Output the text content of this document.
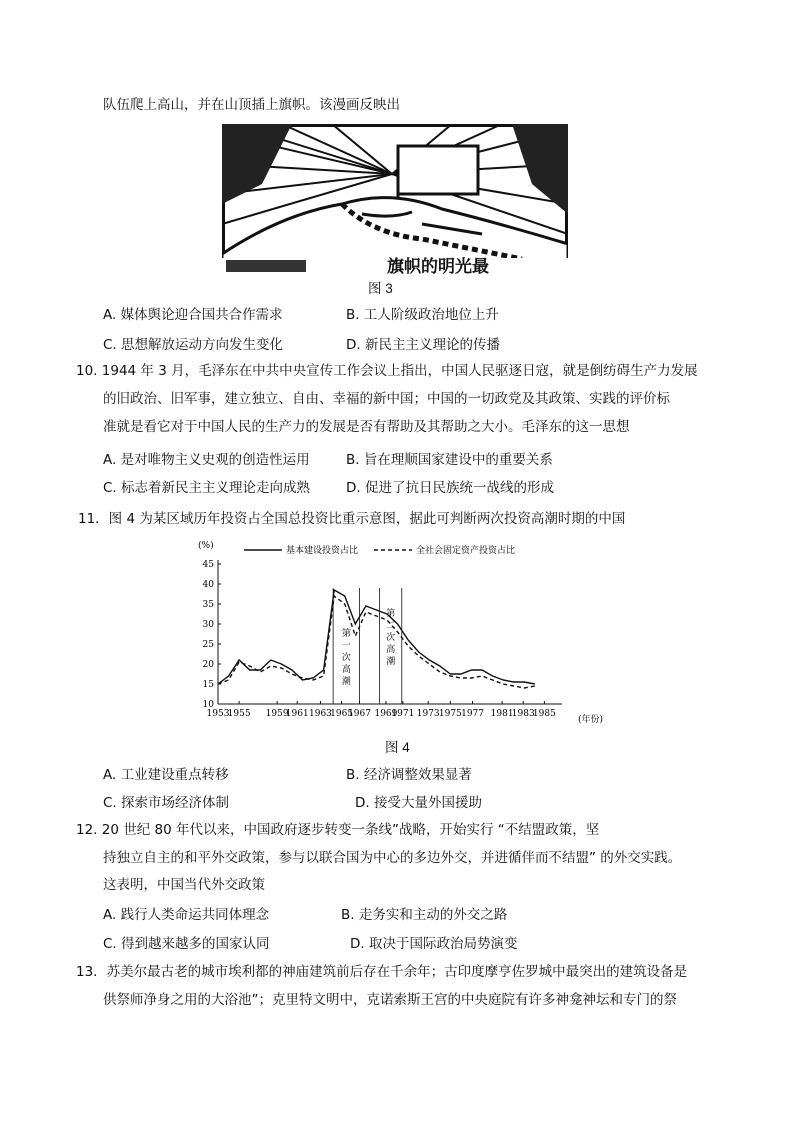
队伍爬上高山，并在山顶插上旗帜。该漫画反映出
旗帜的明光最
图 3
A. 媒体舆论迎合国共合作需求	B. 工人阶级政治地位上升
C. 思想解放运动方向发生变化	D. 新民主主义理论的传播
10. 1944 年 3 月，毛泽东在中共中央宣传工作会议上指出，中国人民驱逐日寇，就是倒纺碍生产力发展
的旧政治、旧军事，建立独立、自由、幸福的新中国；中国的一切政党及其政策、实践的评价标
准就是看它对于中国人民的生产力的发展是否有帮助及其帮助之大小。毛泽东的这一思想
A. 是对唯物主义史观的创造性运用	B. 旨在理顺国家建设中的重要关系
C. 标志着新民主主义理论走向成熟	D. 促进了抗日民族统一战线的形成
11．图 4 为某区域历年投资占全国总投资比重示意图，据此可判断两次投资高潮时期的中国
(%)	基本建设投资占比	全社会固定资产投资占比
10
15
20
25
30
35
40
45
1953
1955 1959
1961 1963
1965
1967 1969
1971 1973 1975 1977 1981
1983
1985
第
一
次
高
潮
第
二
次
高
潮
(年份)
图 4
A. 工业建设重点转移	B. 经济调整效果显著
C. 探索市场经济体制	D. 接受大量外国援助
12. 20 世纪 80 年代以来，中国政府逐步转变一条线”战略，开始实行 “不结盟政策，坚
持独立自主的和平外交政策，参与以联合国为中心的多边外交，并进循伴而不结盟” 的外交实践。
这表明，中国当代外交政策
A. 践行人类命运共同体理念	B. 走务实和主动的外交之路
C. 得到越来越多的国家认同	D. 取决于国际政治局势演变
13．苏美尔最古老的城市埃利都的神庙建筑前后存在千余年；古印度摩亨佐罗城中最突出的建筑设备是
供祭师净身之用的大浴池”；克里特文明中，克诺索斯王宫的中央庭院有许多神龛神坛和专门的祭
